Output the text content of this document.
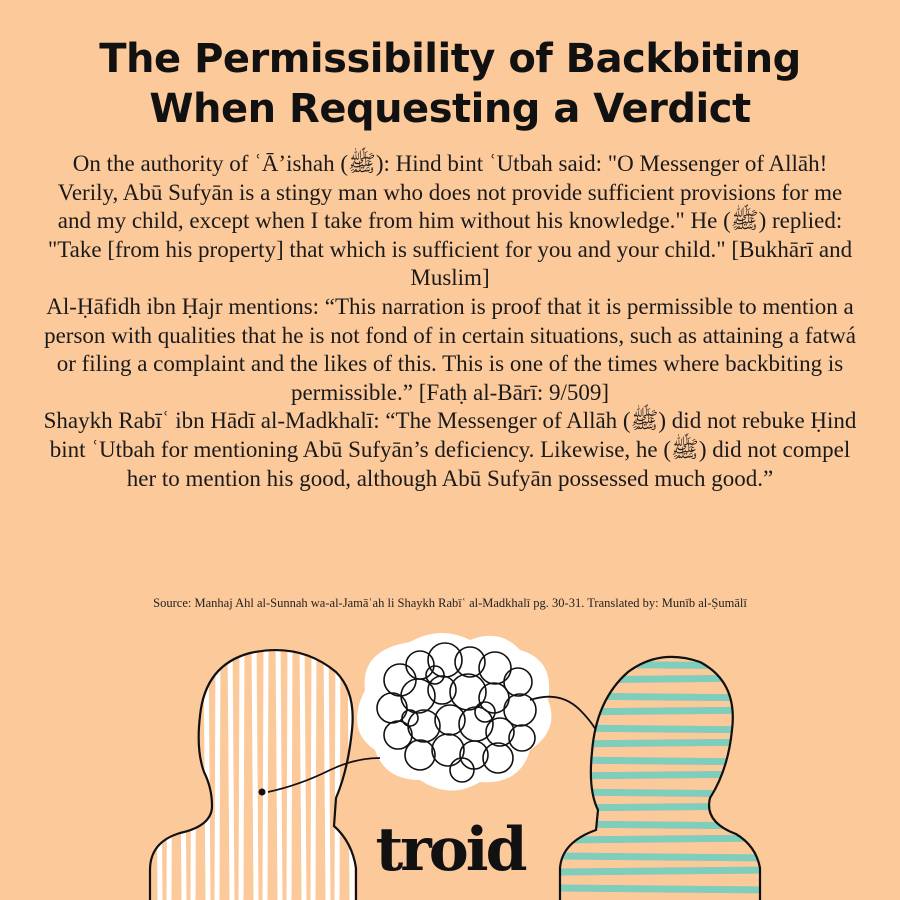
The Permissibility of Backbiting
When Requesting a Verdict

On the authority of ʿĀ’ishah (ﷺ): Hind bint ʿUtbah said: "O Messenger of Allāh! Verily, Abū Sufyān is a stingy man who does not provide sufficient provisions for me and my child, except when I take from him without his knowledge." He (ﷺ) replied: "Take [from his property] that which is sufficient for you and your child." [Bukhārī and Muslim]

Al-Ḥāfidh ibn Ḥajr mentions: “This narration is proof that it is permissible to mention a person with qualities that he is not fond of in certain situations, such as attaining a fatwá or filing a complaint and the likes of this. This is one of the times where backbiting is permissible.” [Fatḥ al-Bārī: 9/509]

Shaykh Rabīʿ ibn Hādī al-Madkhalī: “The Messenger of Allāh (ﷺ) did not rebuke Ḥind bint ʿUtbah for mentioning Abū Sufyān’s deficiency. Likewise, he (ﷺ) did not compel her to mention his good, although Abū Sufyān possessed much good.”

Source: Manhaj Ahl al-Sunnah wa-al-Jamāʿah li Shaykh Rabīʿ al-Madkhalī pg. 30-31. Translated by: Munīb al-Ṣumālī
troid
